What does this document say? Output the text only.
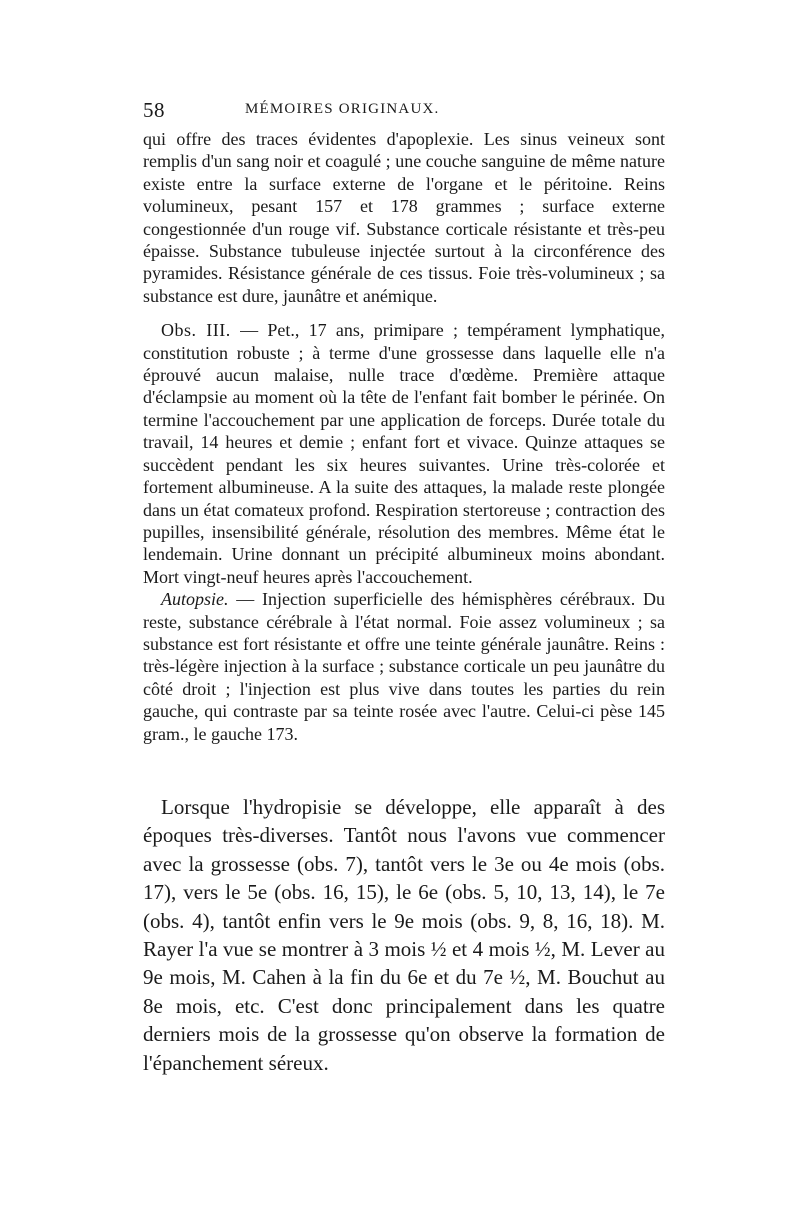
58	MÉMOIRES ORIGINAUX.

qui offre des traces évidentes d'apoplexie. Les sinus veineux sont remplis d'un sang noir et coagulé ; une couche sanguine de même nature existe entre la surface externe de l'organe et le péritoine. Reins volumineux, pesant 157 et 178 grammes ; surface externe congestionnée d'un rouge vif. Substance corticale résistante et très-peu épaisse. Substance tubuleuse injectée surtout à la circonférence des pyramides. Résistance générale de ces tissus. Foie très-volumineux ; sa substance est dure, jaunâtre et anémique.

Obs. III. — Pet., 17 ans, primipare ; tempérament lymphatique, constitution robuste ; à terme d'une grossesse dans laquelle elle n'a éprouvé aucun malaise, nulle trace d'œdème. Première attaque d'éclampsie au moment où la tête de l'enfant fait bomber le périnée. On termine l'accouchement par une application de forceps. Durée totale du travail, 14 heures et demie ; enfant fort et vivace. Quinze attaques se succèdent pendant les six heures suivantes. Urine très-colorée et fortement albumineuse. A la suite des attaques, la malade reste plongée dans un état comateux profond. Respiration stertoreuse ; contraction des pupilles, insensibilité générale, résolution des membres. Même état le lendemain. Urine donnant un précipité albumineux moins abondant. Mort vingt-neuf heures après l'accouchement.

Autopsie. — Injection superficielle des hémisphères cérébraux. Du reste, substance cérébrale à l'état normal. Foie assez volumineux ; sa substance est fort résistante et offre une teinte générale jaunâtre. Reins : très-légère injection à la surface ; substance corticale un peu jaunâtre du côté droit ; l'injection est plus vive dans toutes les parties du rein gauche, qui contraste par sa teinte rosée avec l'autre. Celui-ci pèse 145 gram., le gauche 173.

Lorsque l'hydropisie se développe, elle apparaît à des époques très-diverses. Tantôt nous l'avons vue commencer avec la grossesse (obs. 7), tantôt vers le 3e ou 4e mois (obs. 17), vers le 5e (obs. 16, 15), le 6e (obs. 5, 10, 13, 14), le 7e (obs. 4), tantôt enfin vers le 9e mois (obs. 9, 8, 16, 18). M. Rayer l'a vue se montrer à 3 mois ½ et 4 mois ½, M. Lever au 9e mois, M. Cahen à la fin du 6e et du 7e ½, M. Bouchut au 8e mois, etc. C'est donc principalement dans les quatre derniers mois de la grossesse qu'on observe la formation de l'épanchement séreux.
